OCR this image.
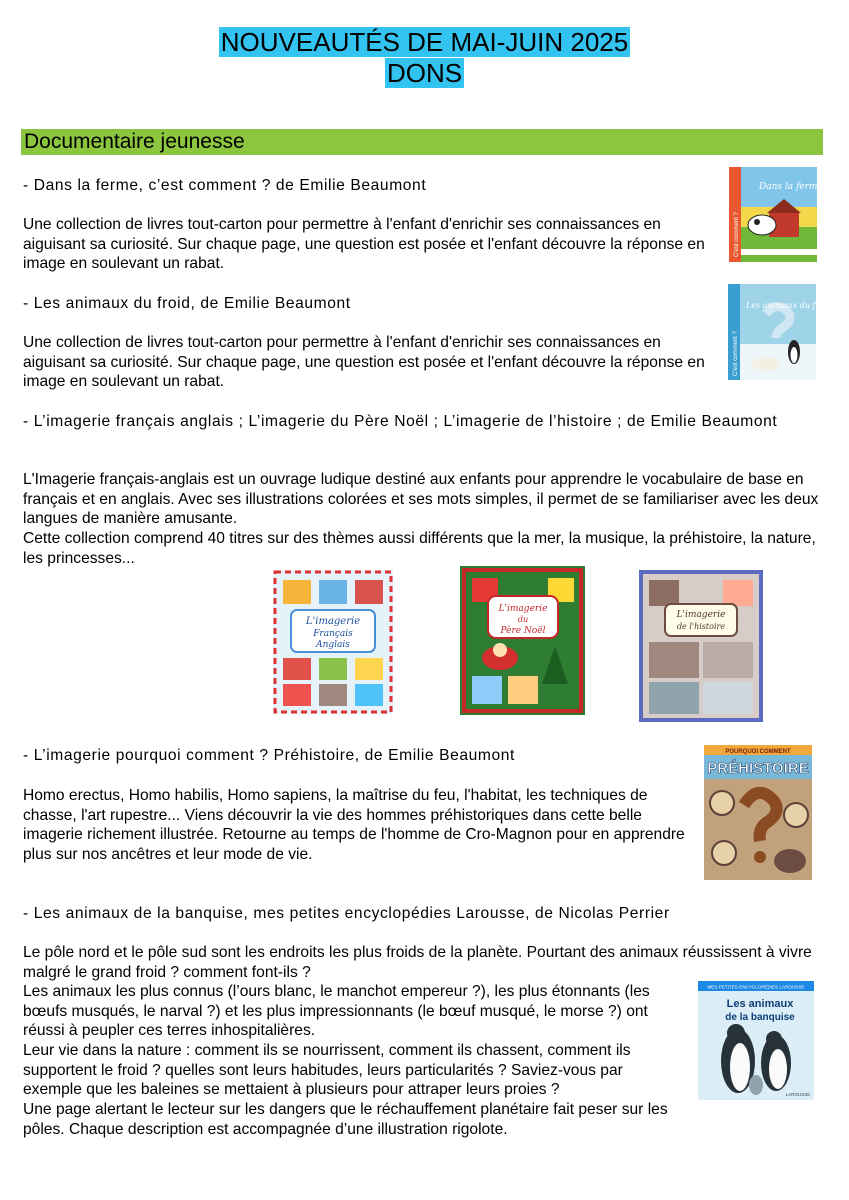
NOUVEAUTÉS DE MAI-JUIN 2025
DONS
Documentaire jeunesse

- Dans la ferme, c’est comment ? de Emilie Beaumont

Une collection de livres tout-carton pour permettre à l'enfant d'enrichir ses connaissances en aiguisant sa curiosité. Sur chaque page, une question est posée et l'enfant découvre la réponse en image en soulevant un rabat.

Dans la ferme
C'est comment ?

- Les animaux du froid, de Emilie Beaumont

Une collection de livres tout-carton pour permettre à l'enfant d'enrichir ses connaissances en aiguisant sa curiosité. Sur chaque page, une question est posée et l'enfant découvre la réponse en image en soulevant un rabat.

Les animaux du froid
C'est comment ?

- L’imagerie français anglais ; L’imagerie du Père Noël ; L’imagerie de l’histoire ; de Emilie Beaumont

L'Imagerie français-anglais est un ouvrage ludique destiné aux enfants pour apprendre le vocabulaire de base en français et en anglais. Avec ses illustrations colorées et ses mots simples, il permet de se familiariser avec les deux langues de manière amusante.

Cette collection comprend 40 titres sur des thèmes aussi différents que la mer, la musique, la préhistoire, la nature, les princesses...

L'imagerie
Français
Anglais
L'imagerie
du
Père Noël
L'imagerie
de l'histoire

- L’imagerie pourquoi comment ? Préhistoire, de Emilie Beaumont

Homo erectus, Homo habilis, Homo sapiens, la maîtrise du feu, l'habitat, les techniques de chasse, l'art rupestre... Viens découvrir la vie des hommes préhistoriques dans cette belle imagerie richement illustrée. Retourne au temps de l'homme de Cro-Magnon pour en apprendre plus sur nos ancêtres et leur mode de vie.

POURQUOI COMMENT
PRÉHISTOIRE

- Les animaux de la banquise, mes petites encyclopédies Larousse, de Nicolas Perrier

Le pôle nord et le pôle sud sont les endroits les plus froids de la planète. Pourtant des animaux réussissent à vivre malgré le grand froid ? comment font-ils ?

Les animaux les plus connus (l’ours blanc, le manchot empereur ?), les plus étonnants (les bœufs musqués, le narval ?) et les plus impressionnants (le bœuf musqué, le morse ?) ont réussi à peupler ces terres inhospitalières.

Leur vie dans la nature : comment ils se nourrissent, comment ils chassent, comment ils supportent le froid ? quelles sont leurs habitudes, leurs particularités ? Saviez-vous par exemple que les baleines se mettaient à plusieurs pour attraper leurs proies ?

Une page alertant le lecteur sur les dangers que le réchauffement planétaire fait peser sur les pôles. Chaque description est accompagnée d’une illustration rigolote.

MES PETITES ENCYCLOPÉDIES LAROUSSE
Les animaux
de la banquise
LAROUSSE
